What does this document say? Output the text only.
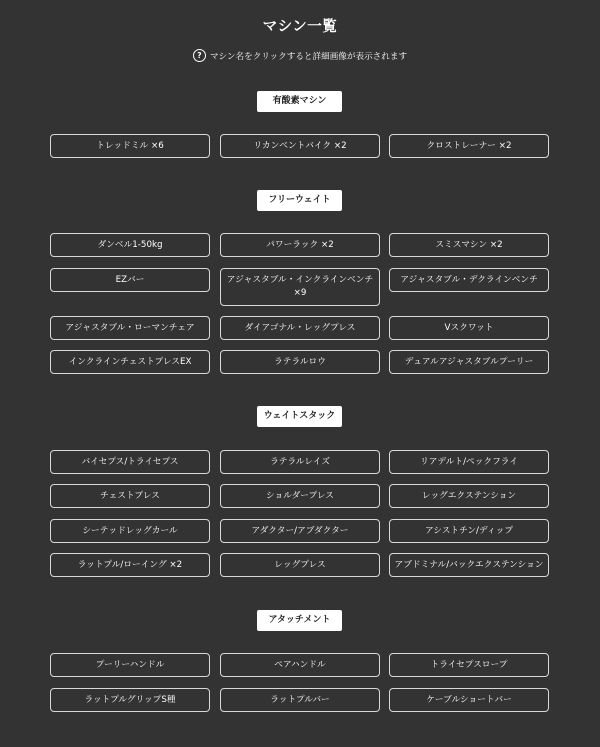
マシン一覧
? マシン名をクリックすると詳細画像が表示されます
有酸素マシン
トレッドミル ×6	リカンベントバイク ×2	クロストレーナー ×2
フリーウェイト
ダンベル1-50kg	パワーラック ×2	スミスマシン ×2
EZバー	アジャスタブル・インクラインベンチ ×9
アジャスタブル・デクラインベンチ
アジャスタブル・ローマンチェア	ダイアゴナル・レッグプレス	Vスクワット
インクラインチェストプレスEX	ラテラルロウ	デュアルアジャスタブルプーリー
ウェイトスタック
バイセプス/トライセプス	ラテラルレイズ	リアデルト/ペックフライ
チェストプレス	ショルダープレス	レッグエクステンション
シーテッドレッグカール	アダクター/アブダクター	アシストチン/ディップ
ラットプル/ローイング ×2	レッグプレス	アブドミナル/バックエクステンション
アタッチメント
プーリーハンドル	ペアハンドル	トライセプスロープ
ラットプルグリップS種	ラットプルバー	ケーブルショートバー
